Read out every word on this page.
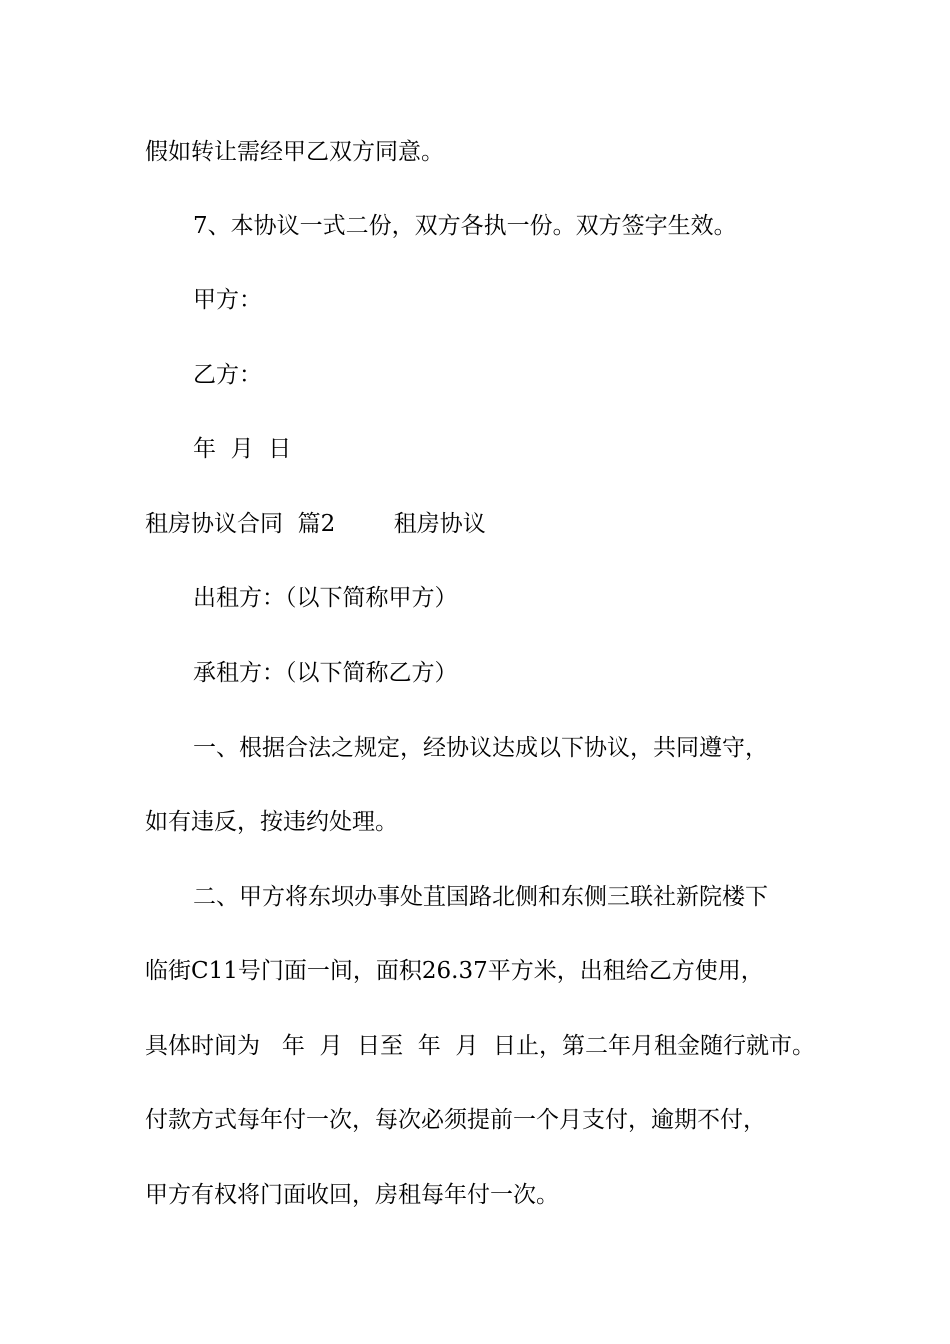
假如转让需经甲乙双方同意。

7、本协议一式二份，双方各执一份。双方签字生效。

甲方：

乙方：

年  月  日

租房协议合同  篇2        租房协议

出租方：（以下简称甲方）

承租方：（以下简称乙方）

一、根据合法之规定，经协议达成以下协议，共同遵守，

如有违反，按违约处理。

二、甲方将东坝办事处苴国路北侧和东侧三联社新院楼下

临街C11号门面一间，面积26.37平方米，出租给乙方使用，

具体时间为   年  月  日至  年  月  日止，第二年月租金随行就市。

付款方式每年付一次，每次必须提前一个月支付，逾期不付，

甲方有权将门面收回，房租每年付一次。
